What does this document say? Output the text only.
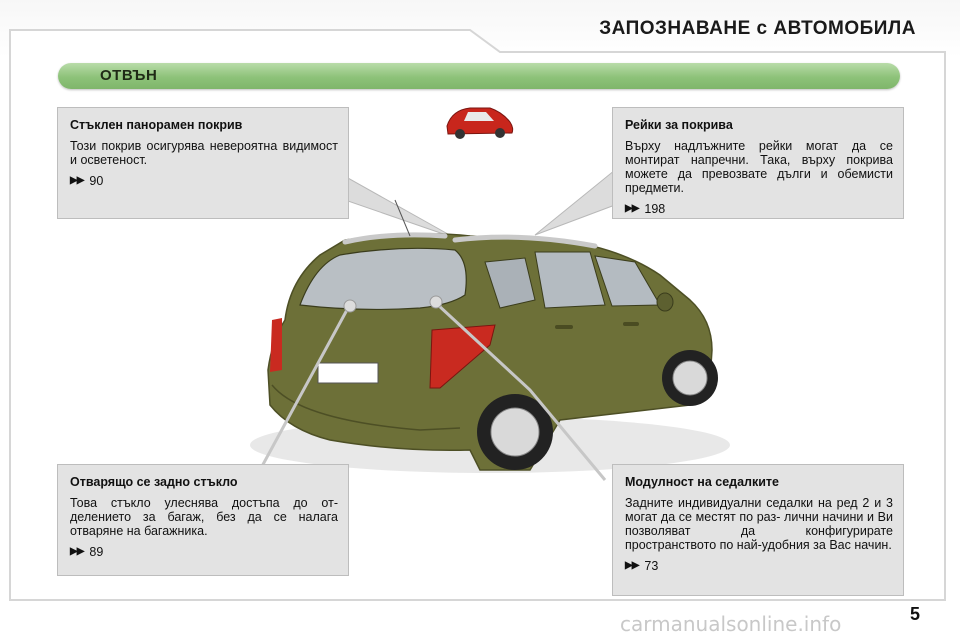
ЗАПОЗНАВАНЕ с АВТОМОБИЛА
ОТВЪН
Стъклен панорамен покрив

Този покрив осигурява невероятна видимост и осветеност.

▶▶ 90
Рейки за покрива

Върху надлъжните рейки могат да се монтират напречни. Така, върху покрива можете да превозвате дълги и обемисти предмети.

▶▶ 198
Отварящо се задно стъкло

Това стъкло улеснява достъпа до от- делението за багаж, без да се налага отваряне на багажника.

▶▶ 89
Модулност на седалките

Задните индивидуални седалки на ред 2 и 3 могат да се местят по раз- лични начини и Ви позволяват да конфигурирате пространството по най-удобния за Вас начин.

▶▶ 73
5
carmanualsonline.info
